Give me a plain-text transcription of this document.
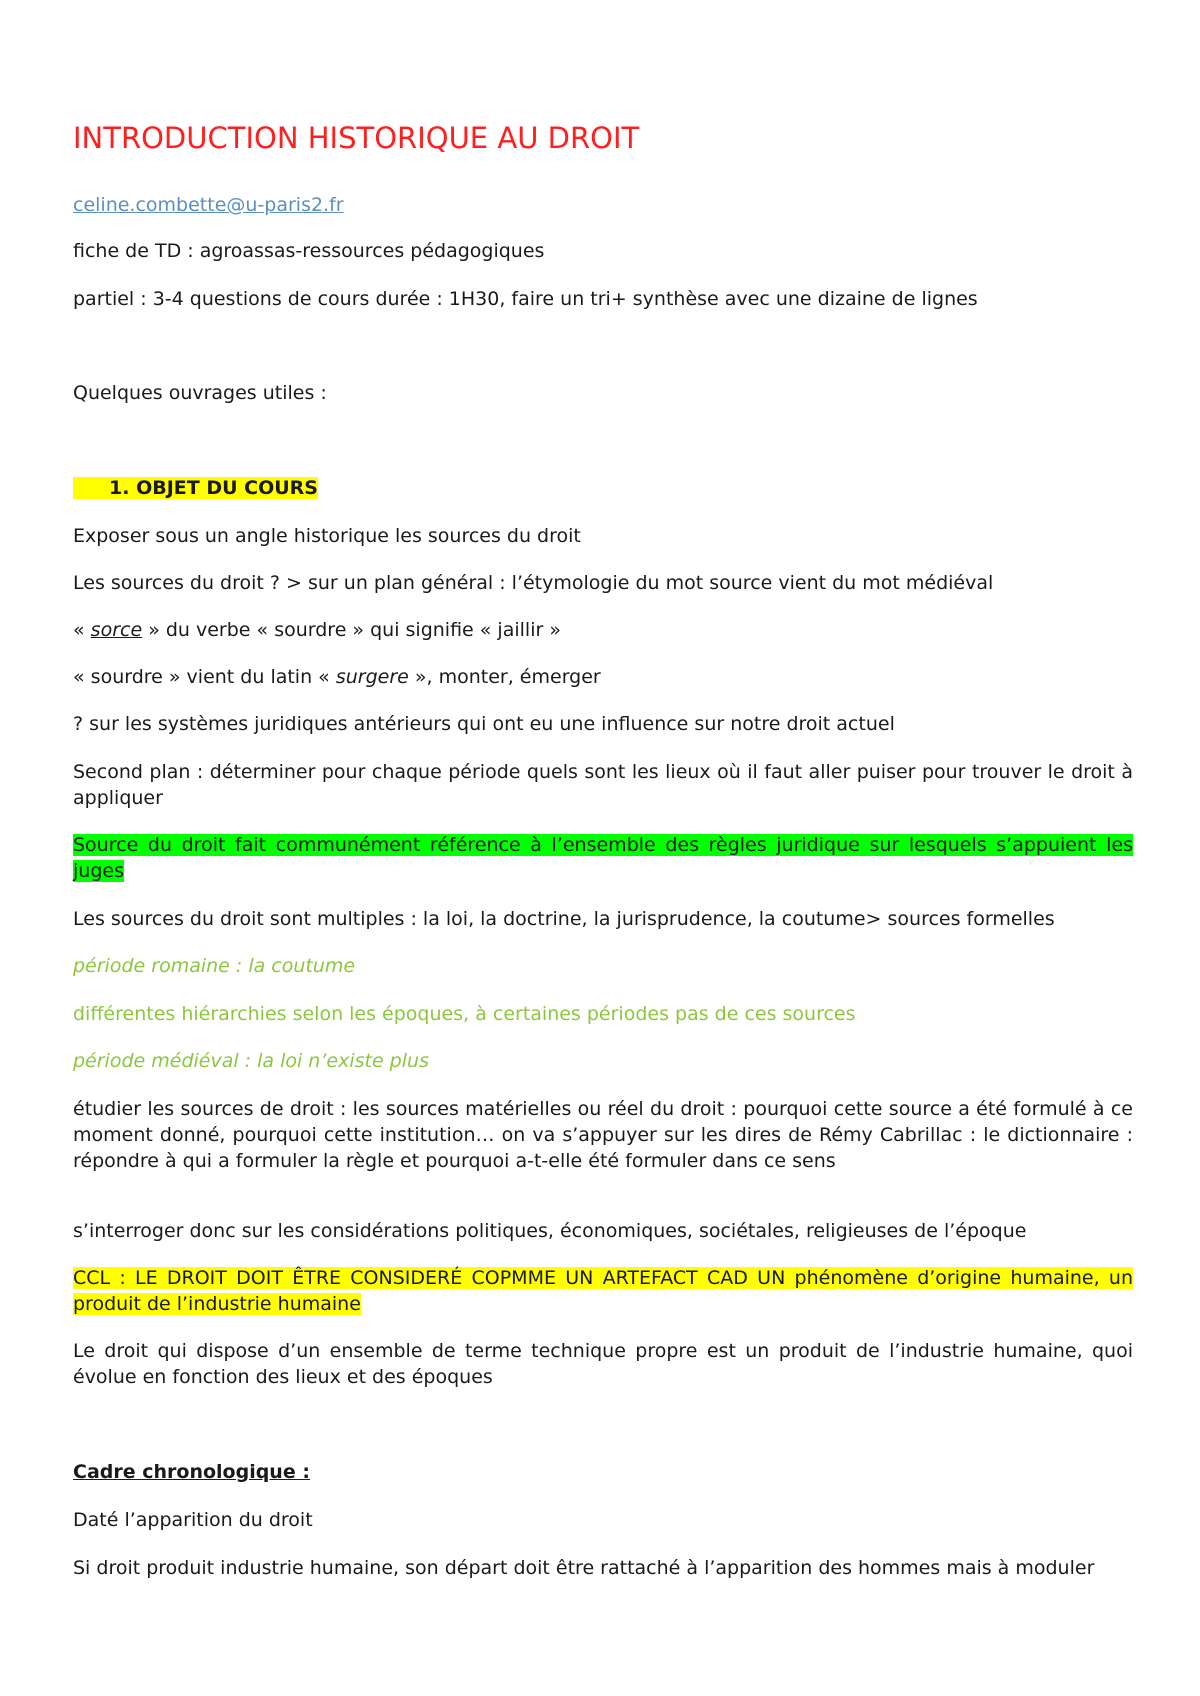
INTRODUCTION HISTORIQUE AU DROIT
celine.combette@u-paris2.fr
fiche de TD : agroassas-ressources pédagogiques
partiel : 3-4 questions de cours durée : 1H30, faire un tri+ synthèse avec une dizaine de lignes
Quelques ouvrages utiles :
1. OBJET DU COURS
Exposer sous un angle historique les sources du droit
Les sources du droit ? > sur un plan général : l’étymologie du mot source vient du mot médiéval
« sorce » du verbe « sourdre » qui signifie « jaillir »
« sourdre » vient du latin « surgere », monter, émerger
? sur les systèmes juridiques antérieurs qui ont eu une influence sur notre droit actuel
Second plan : déterminer pour chaque période quels sont les lieux où il faut aller puiser pour trouver le droit à appliquer
Source du droit fait communément référence à l’ensemble des règles juridique sur lesquels s’appuient les juges
Les sources du droit sont multiples : la loi, la doctrine, la jurisprudence, la coutume> sources formelles
période romaine : la coutume
différentes hiérarchies selon les époques, à certaines périodes pas de ces sources
période médiéval : la loi n’existe plus
étudier les sources de droit : les sources matérielles ou réel du droit : pourquoi cette source a été formulé à ce moment donné, pourquoi cette institution… on va s’appuyer sur les dires de Rémy Cabrillac : le dictionnaire : répondre à qui a formuler la règle et pourquoi a-t-elle été formuler dans ce sens
s’interroger donc sur les considérations politiques, économiques, sociétales, religieuses de l’époque
CCL : LE DROIT DOIT ÊTRE CONSIDERÉ COPMME UN ARTEFACT CAD UN phénomène d’origine humaine, un produit de l’industrie humaine
Le droit qui dispose d’un ensemble de terme technique propre est un produit de l’industrie humaine, quoi évolue en fonction des lieux et des époques
Cadre chronologique :
Daté l’apparition du droit
Si droit produit industrie humaine, son départ doit être rattaché à l’apparition des hommes mais à moduler
